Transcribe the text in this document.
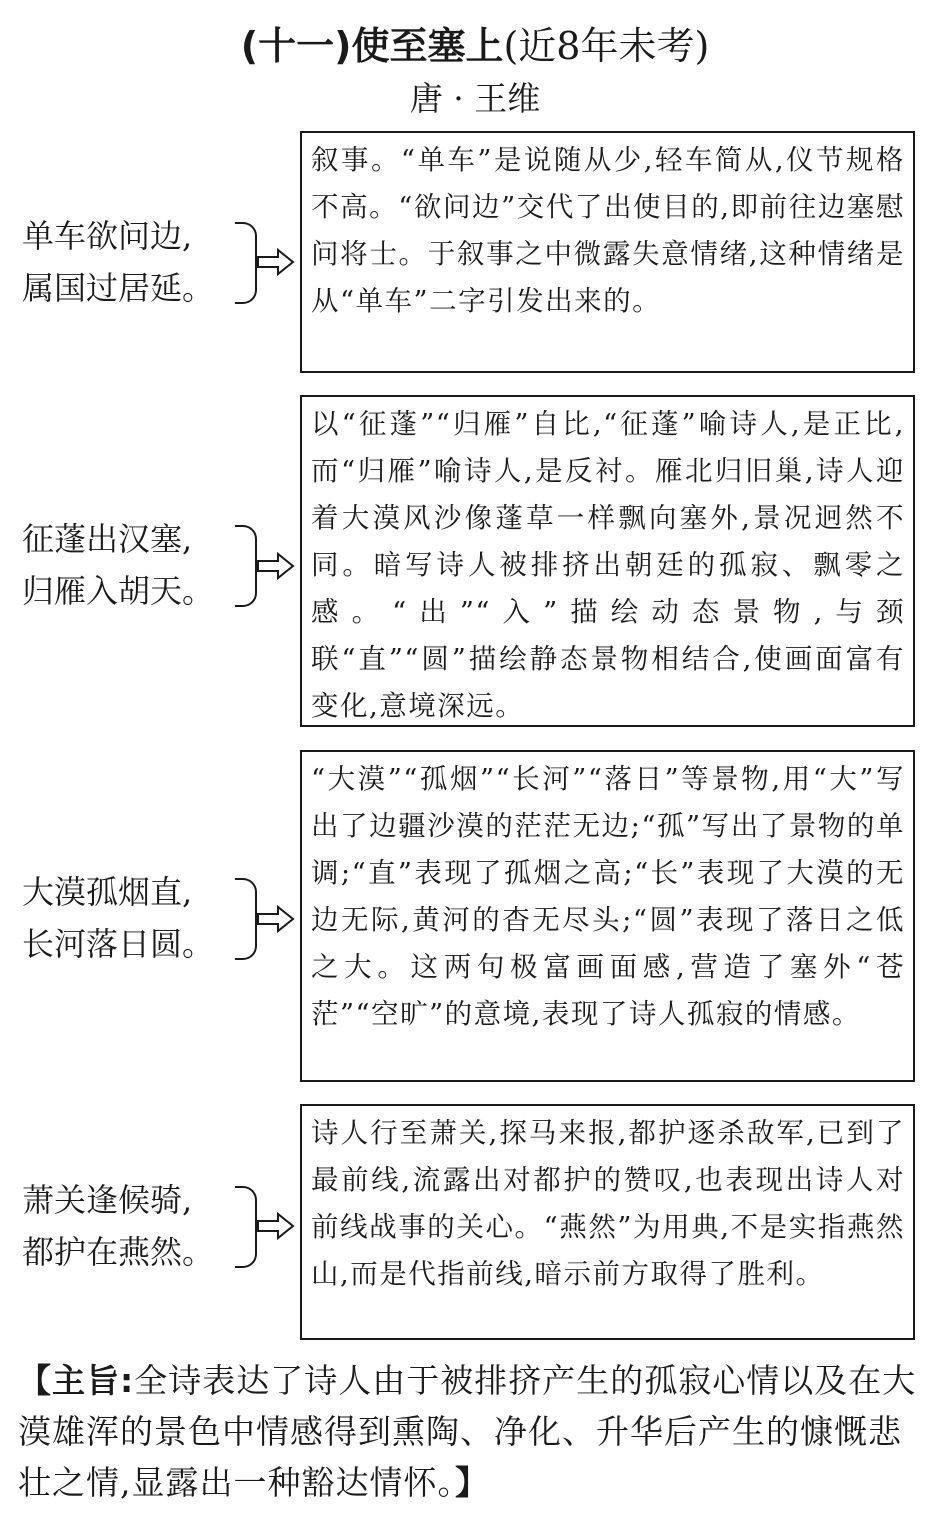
(十一)使至塞上(近8年未考)
唐 · 王维
单车欲问边,
属国过居延。
叙事。“单车”是说随从少,轻车简从,仪节规格不高。“欲问边”交代了出使目的,即前往边塞慰问将士。于叙事之中微露失意情绪,这种情绪是从“单车”二字引发出来的。
征蓬出汉塞,
归雁入胡天。
以“征蓬”“归雁”自比,“征蓬”喻诗人,是正比,而“归雁”喻诗人,是反衬。雁北归旧巢,诗人迎着大漠风沙像蓬草一样飘向塞外,景况迥然不同。暗写诗人被排挤出朝廷的孤寂、飘零之感。“出”“入”描绘动态景物,与颈联“直”“圆”描绘静态景物相结合,使画面富有变化,意境深远。
大漠孤烟直,
长河落日圆。
“大漠”“孤烟”“长河”“落日”等景物,用“大”写出了边疆沙漠的茫茫无边;“孤”写出了景物的单调;“直”表现了孤烟之高;“长”表现了大漠的无边无际,黄河的杳无尽头;“圆”表现了落日之低之大。这两句极富画面感,营造了塞外“苍茫”“空旷”的意境,表现了诗人孤寂的情感。
萧关逢候骑,
都护在燕然。
诗人行至萧关,探马来报,都护逐杀敌军,已到了最前线,流露出对都护的赞叹,也表现出诗人对前线战事的关心。“燕然”为用典,不是实指燕然山,而是代指前线,暗示前方取得了胜利。
【主旨:全诗表达了诗人由于被排挤产生的孤寂心情以及在大漠雄浑的景色中情感得到熏陶、净化、升华后产生的慷慨悲壮之情,显露出一种豁达情怀。】
